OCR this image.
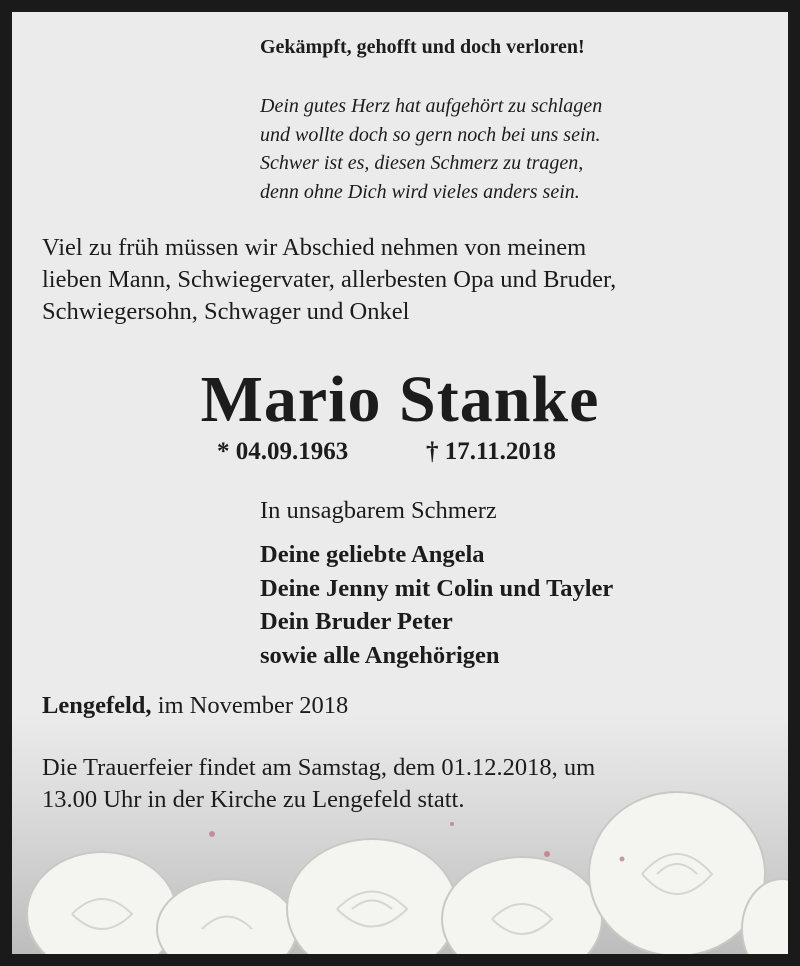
Gekämpft, gehofft und doch verloren!

Dein gutes Herz hat aufgehört zu schlagen
und wollte doch so gern noch bei uns sein.
Schwer ist es, diesen Schmerz zu tragen,
denn ohne Dich wird vieles anders sein.
Viel zu früh müssen wir Abschied nehmen von meinem
lieben Mann, Schwiegervater, allerbesten Opa und Bruder,
Schwiegersohn, Schwager und Onkel
Mario Stanke
* 04.09.1963	† 17.11.2018
In unsagbarem Schmerz
Deine geliebte Angela
Deine Jenny mit Colin und Tayler
Dein Bruder Peter
sowie alle Angehörigen
Lengefeld, im November 2018
Die Trauerfeier findet am Samstag, dem 01.12.2018, um
13.00 Uhr in der Kirche zu Lengefeld statt.
